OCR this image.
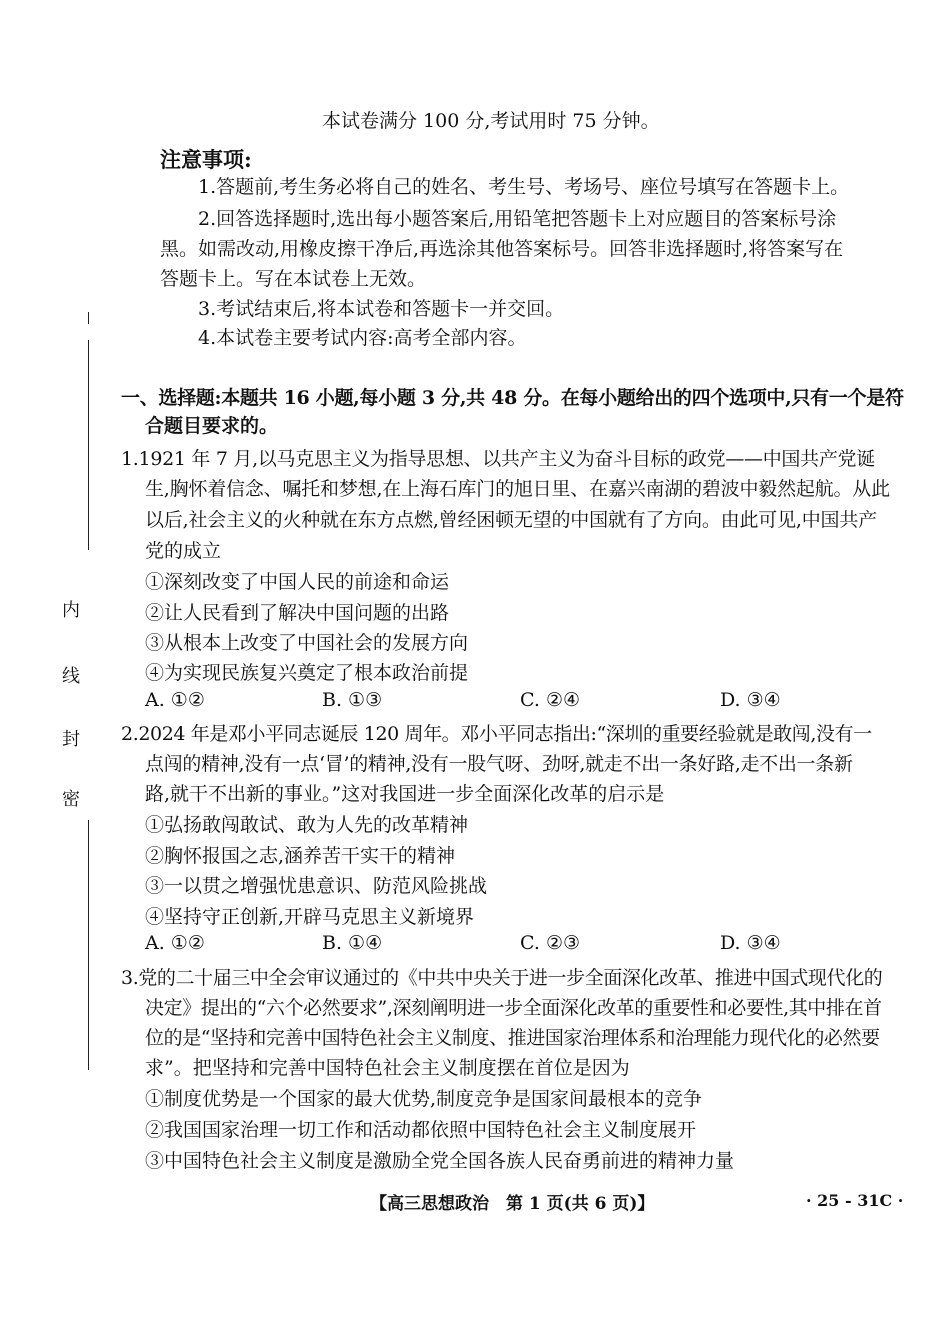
本试卷满分 100 分,考试用时 75 分钟。
注意事项:
1.答题前,考生务必将自己的姓名、考生号、考场号、座位号填写在答题卡上。
2.回答选择题时,选出每小题答案后,用铅笔把答题卡上对应题目的答案标号涂
黑。如需改动,用橡皮擦干净后,再选涂其他答案标号。回答非选择题时,将答案写在
答题卡上。写在本试卷上无效。
3.考试结束后,将本试卷和答题卡一并交回。
4.本试卷主要考试内容:高考全部内容。
内
线
封
密
一、选择题:本题共 16 小题,每小题 3 分,共 48 分。在每小题给出的四个选项中,只有一个是符
合题目要求的。
1.1921 年 7 月,以马克思主义为指导思想、以共产主义为奋斗目标的政党——中国共产党诞
生,胸怀着信念、嘱托和梦想,在上海石库门的旭日里、在嘉兴南湖的碧波中毅然起航。从此
以后,社会主义的火种就在东方点燃,曾经困顿无望的中国就有了方向。由此可见,中国共产
党的成立
①深刻改变了中国人民的前途和命运
②让人民看到了解决中国问题的出路
③从根本上改变了中国社会的发展方向
④为实现民族复兴奠定了根本政治前提
A. ①②	B. ①③	C. ②④	D. ③④
2.2024 年是邓小平同志诞辰 120 周年。邓小平同志指出:“深圳的重要经验就是敢闯,没有一
点闯的精神,没有一点‘冒’的精神,没有一股气呀、劲呀,就走不出一条好路,走不出一条新
路,就干不出新的事业。”这对我国进一步全面深化改革的启示是
①弘扬敢闯敢试、敢为人先的改革精神
②胸怀报国之志,涵养苦干实干的精神
③一以贯之增强忧患意识、防范风险挑战
④坚持守正创新,开辟马克思主义新境界
A. ①②	B. ①④	C. ②③	D. ③④
3.党的二十届三中全会审议通过的《中共中央关于进一步全面深化改革、推进中国式现代化的
决定》提出的“六个必然要求”,深刻阐明进一步全面深化改革的重要性和必要性,其中排在首
位的是“坚持和完善中国特色社会主义制度、推进国家治理体系和治理能力现代化的必然要
求”。把坚持和完善中国特色社会主义制度摆在首位是因为
①制度优势是一个国家的最大优势,制度竞争是国家间最根本的竞争
②我国国家治理一切工作和活动都依照中国特色社会主义制度展开
③中国特色社会主义制度是激励全党全国各族人民奋勇前进的精神力量
【高三思想政治　第 1 页(共 6 页)】	· 25 - 31C ·
